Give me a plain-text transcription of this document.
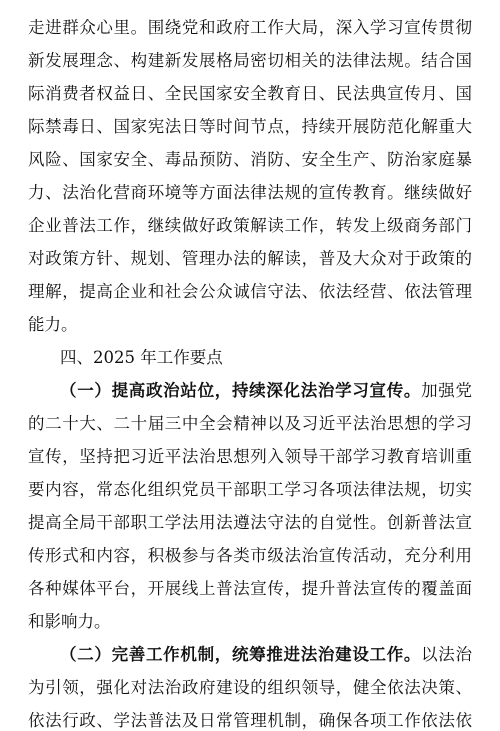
走进群众心里。围绕党和政府工作大局，深入学习宣传贯彻
新发展理念、构建新发展格局密切相关的法律法规。结合国
际消费者权益日、全民国家安全教育日、民法典宣传月、国
际禁毒日、国家宪法日等时间节点，持续开展防范化解重大
风险、国家安全、毒品预防、消防、安全生产、防治家庭暴
力、法治化营商环境等方面法律法规的宣传教育。继续做好
企业普法工作，继续做好政策解读工作，转发上级商务部门
对政策方针、规划、管理办法的解读，普及大众对于政策的
理解，提高企业和社会公众诚信守法、依法经营、依法管理
能力。
四、2025 年工作要点
（一）提高政治站位，持续深化法治学习宣传。加强党
的二十大、二十届三中全会精神以及习近平法治思想的学习
宣传，坚持把习近平法治思想列入领导干部学习教育培训重
要内容，常态化组织党员干部职工学习各项法律法规，切实
提高全局干部职工学法用法遵法守法的自觉性。创新普法宣
传形式和内容，积极参与各类市级法治宣传活动，充分利用
各种媒体平台，开展线上普法宣传，提升普法宣传的覆盖面
和影响力。
（二）完善工作机制，统筹推进法治建设工作。以法治
为引领，强化对法治政府建设的组织领导，健全依法决策、
依法行政、学法普法及日常管理机制，确保各项工作依法依
